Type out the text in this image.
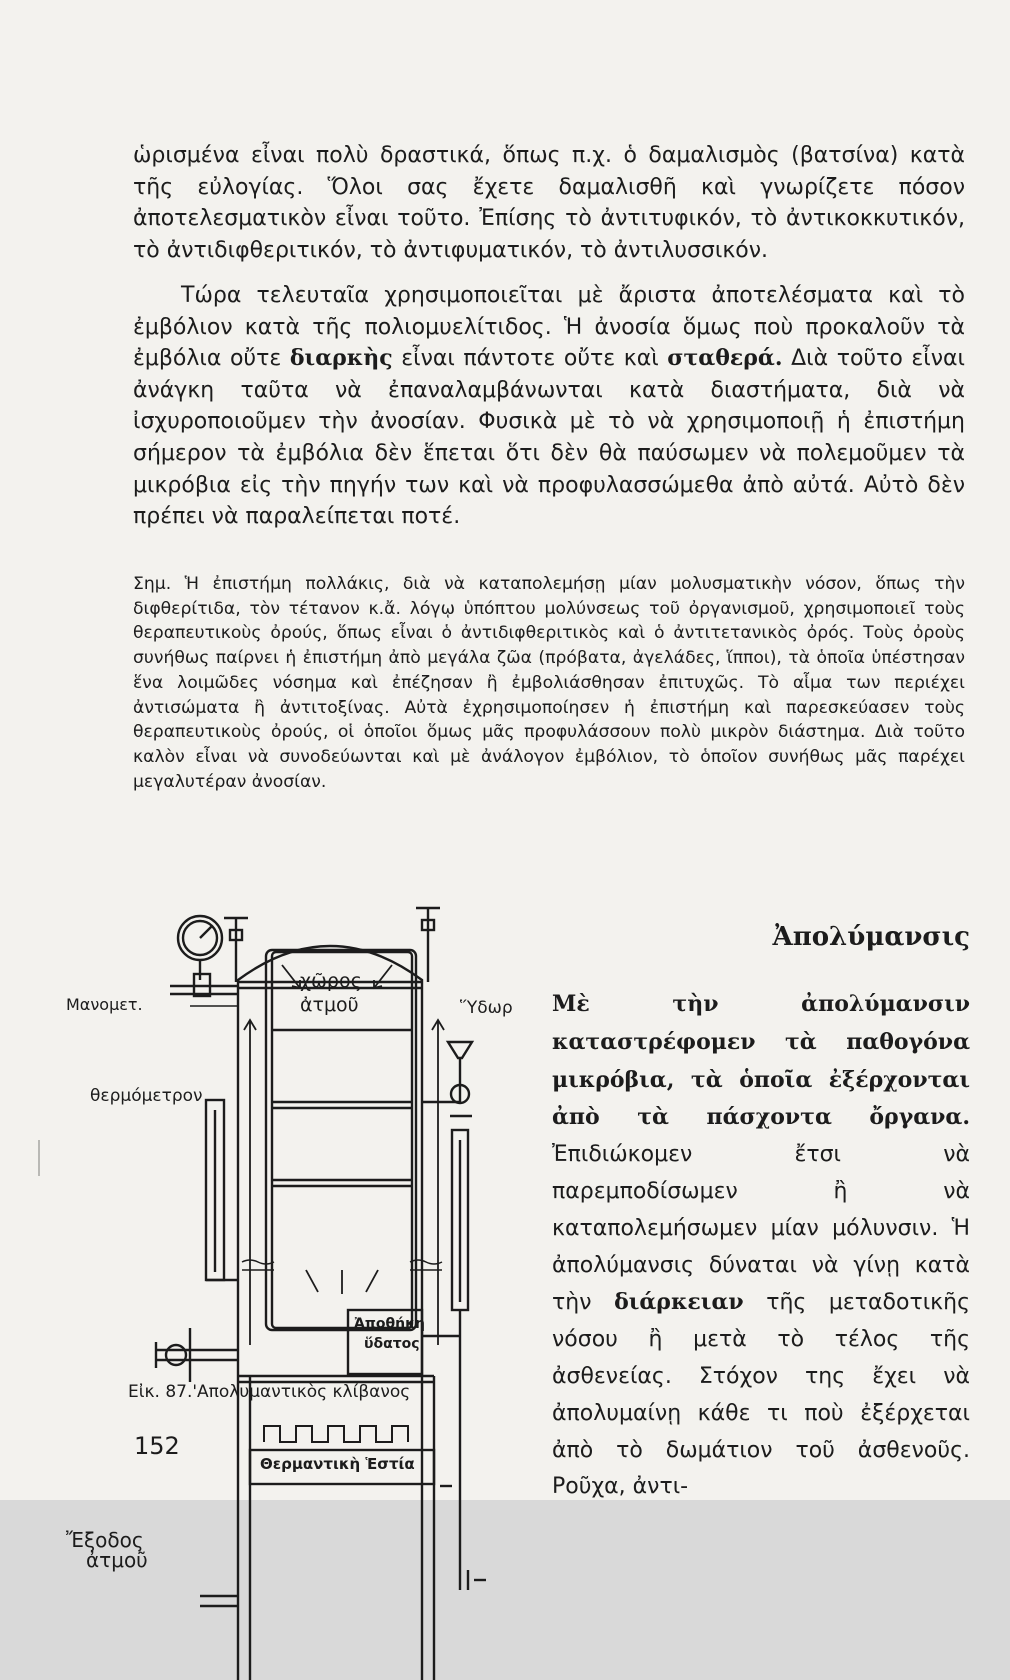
ὡρισμένα εἶναι πολὺ δραστικά, ὅπως π.χ. ὁ δαμαλισμὸς (βατσίνα) κατὰ τῆς εὐλογίας. Ὅλοι σας ἔχετε δαμαλισθῆ καὶ γνωρίζετε πόσον ἀποτελεσματικὸν εἶναι τοῦτο. Ἐπίσης τὸ ἀντιτυφικόν, τὸ ἀντικοκκυτικόν, τὸ ἀντιδιφθεριτικόν, τὸ ἀντιφυματικόν, τὸ ἀντιλυσσικόν.

Τώρα τελευταῖα χρησιμοποιεῖται μὲ ἄριστα ἀποτελέσματα καὶ τὸ ἐμβόλιον κατὰ τῆς πολιομυελίτιδος. Ἡ ἀνοσία ὅμως ποὺ προκαλοῦν τὰ ἐμβόλια οὔτε διαρκὴς εἶναι πάντοτε οὔτε καὶ σταθερά. Διὰ τοῦτο εἶναι ἀνάγκη ταῦτα νὰ ἐπαναλαμβάνωνται κατὰ διαστήματα, διὰ νὰ ἰσχυροποιοῦμεν τὴν ἀνοσίαν. Φυσικὰ μὲ τὸ νὰ χρησιμοποιῇ ἡ ἐπιστήμη σήμερον τὰ ἐμβόλια δὲν ἕπεται ὅτι δὲν θὰ παύσωμεν νὰ πολεμοῦμεν τὰ μικρόβια εἰς τὴν πηγήν των καὶ νὰ προφυλασσώμεθα ἀπὸ αὐτά. Αὐτὸ δὲν πρέπει νὰ παραλείπεται ποτέ.

Σημ. Ἡ ἐπιστήμη πολλάκις, διὰ νὰ καταπολεμήσῃ μίαν μολυσματικὴν νόσον, ὅπως τὴν διφθερίτιδα, τὸν τέτανον κ.ἄ. λόγῳ ὑπόπτου μολύνσεως τοῦ ὀργανισμοῦ, χρησιμοποιεῖ τοὺς θεραπευτικοὺς ὀρούς, ὅπως εἶναι ὁ ἀντιδιφθεριτικὸς καὶ ὁ ἀντιτετανικὸς ὀρός. Τοὺς ὀροὺς συνήθως παίρνει ἡ ἐπιστήμη ἀπὸ μεγάλα ζῶα (πρόβατα, ἀγελάδες, ἵπποι), τὰ ὁποῖα ὑπέστησαν ἕνα λοιμῶδες νόσημα καὶ ἐπέζησαν ἢ ἐμβολιάσθησαν ἐπιτυχῶς. Τὸ αἷμα των περιέχει ἀντισώματα ἢ ἀντιτοξίνας. Αὐτὰ ἐχρησιμοποίησεν ἡ ἐπιστήμη καὶ παρεσκεύασεν τοὺς θεραπευτικοὺς ὀρούς, οἱ ὁποῖοι ὅμως μᾶς προφυλάσσουν πολὺ μικρὸν διάστημα. Διὰ τοῦτο καλὸν εἶναι νὰ συνοδεύωνται καὶ μὲ ἀνάλογον ἐμβόλιον, τὸ ὁποῖον συνήθως μᾶς παρέχει μεγαλυτέραν ἀνοσίαν.

Ἀπολύμανσις

Μὲ τὴν ἀπολύμανσιν καταστρέφομεν τὰ παθογόνα μικρόβια, τὰ ὁποῖα ἐξέρχονται ἀπὸ τὰ πάσχοντα ὄργανα. Ἐπιδιώκομεν ἔτσι νὰ παρεμποδίσωμεν ἢ νὰ καταπολεμήσωμεν μίαν μόλυνσιν. Ἡ ἀπολύμανσις δύναται νὰ γίνῃ κατὰ τὴν διάρκειαν τῆς μεταδοτικῆς νόσου ἢ μετὰ τὸ τέλος τῆς ἀσθενείας. Στόχον της ἔχει νὰ ἀπολυμαίνῃ κάθε τι ποὺ ἐξέρχεται ἀπὸ τὸ δωμάτιον τοῦ ἀσθενοῦς. Ροῦχα, ἀντι-

χῶρος
ἀτμοῦ	Ὕδωρ
Μανομετ.
θερμόμετρον
Ἀποθήκη
ὕδατος
Θερμαντικὴ Ἑστία
Ἔξοδος
ἀτμοῦ
Εἰκ. 87.'Απολυμαντικὸς κλίβανος
152
